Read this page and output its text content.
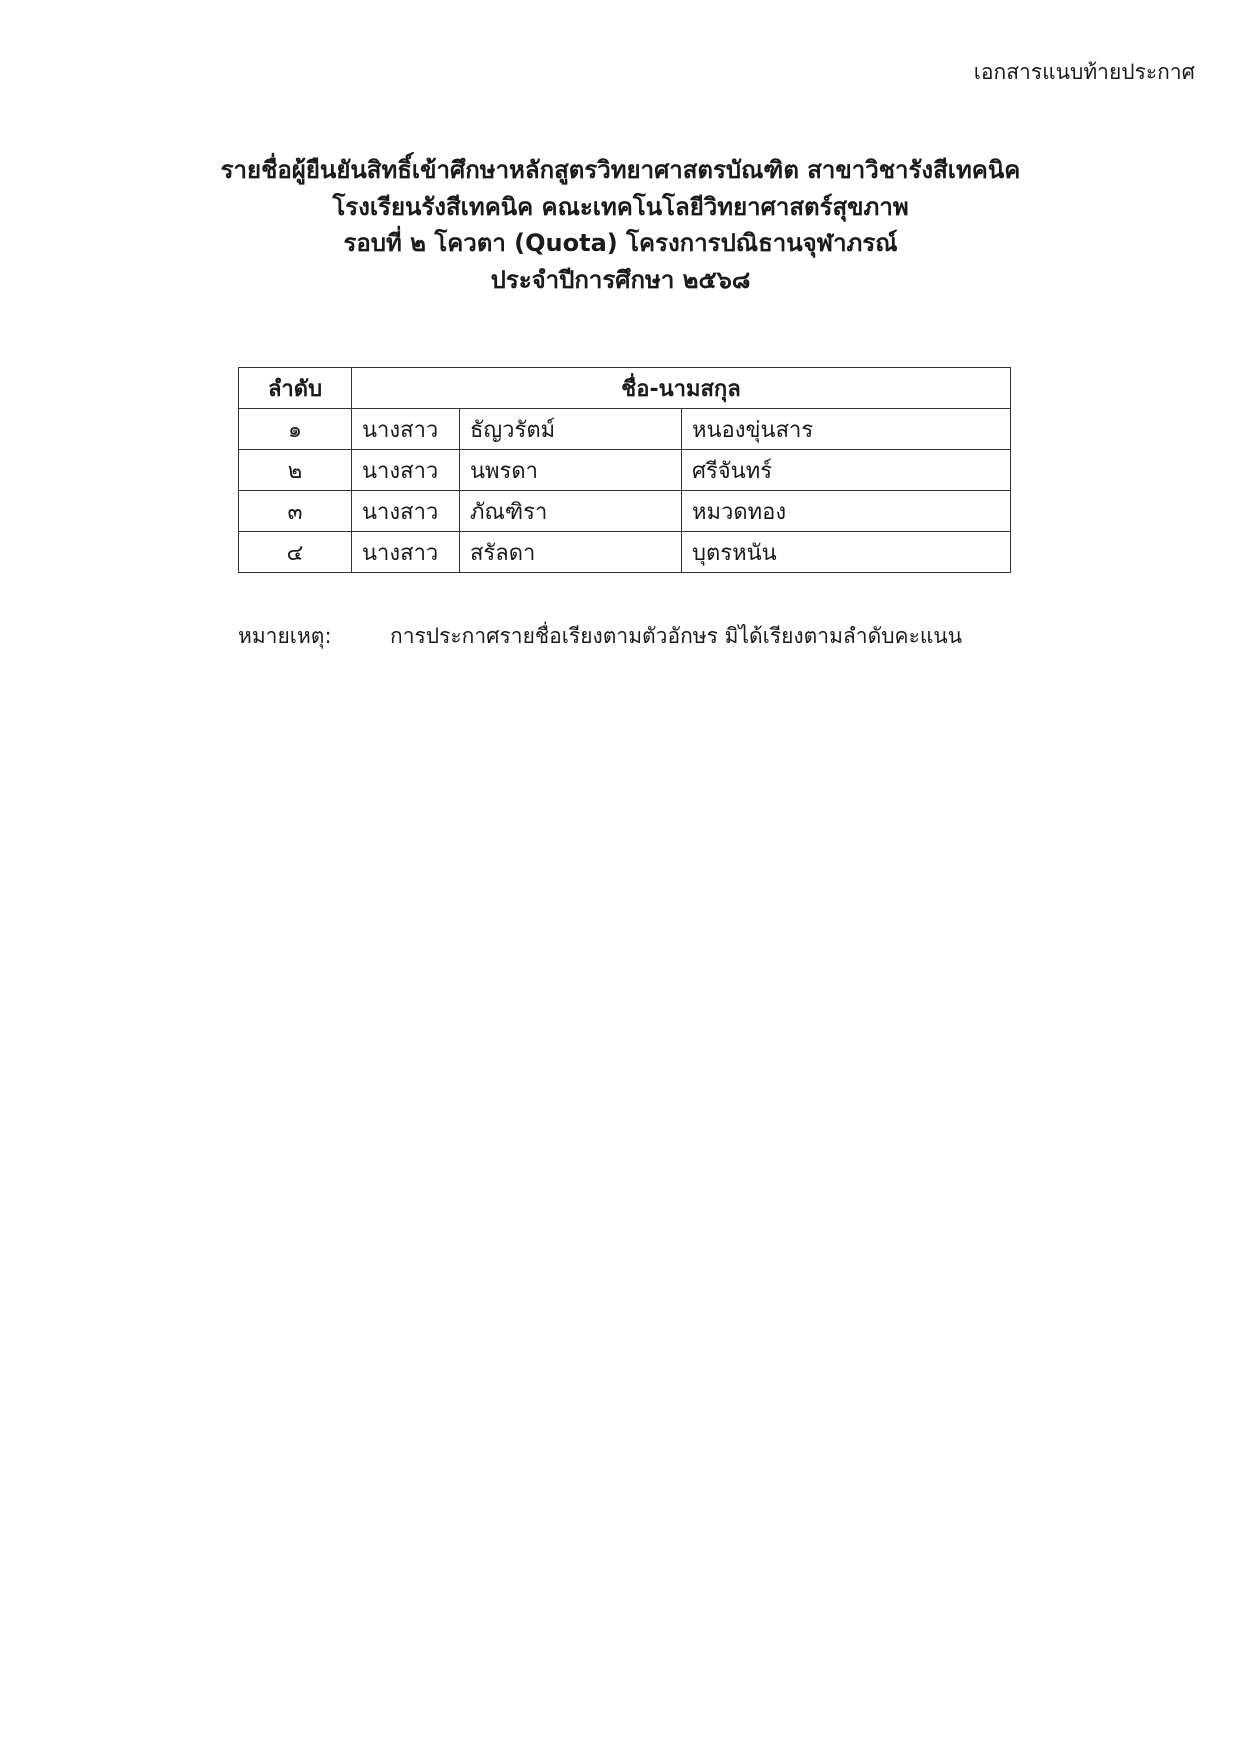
เอกสารแนบท้ายประกาศ
รายชื่อผู้ยืนยันสิทธิ์เข้าศึกษาหลักสูตรวิทยาศาสตรบัณฑิต สาขาวิชารังสีเทคนิค
โรงเรียนรังสีเทคนิค คณะเทคโนโลยีวิทยาศาสตร์สุขภาพ
รอบที่ ๒ โควตา (Quota) โครงการปณิธานจุฬาภรณ์
ประจำปีการศึกษา ๒๕๖๘
ลำดับ	ชื่อ-นามสกุล		
๑	นางสาว	ธัญวรัตม์	หนองขุ่นสาร
๒	นางสาว	นพรดา	ศรีจันทร์
๓	นางสาว	ภัณฑิรา	หมวดทอง
๔	นางสาว	สรัลดา	บุตรหนัน
หมายเหตุ:	การประกาศรายชื่อเรียงตามตัวอักษร มิได้เรียงตามลำดับคะแนน
